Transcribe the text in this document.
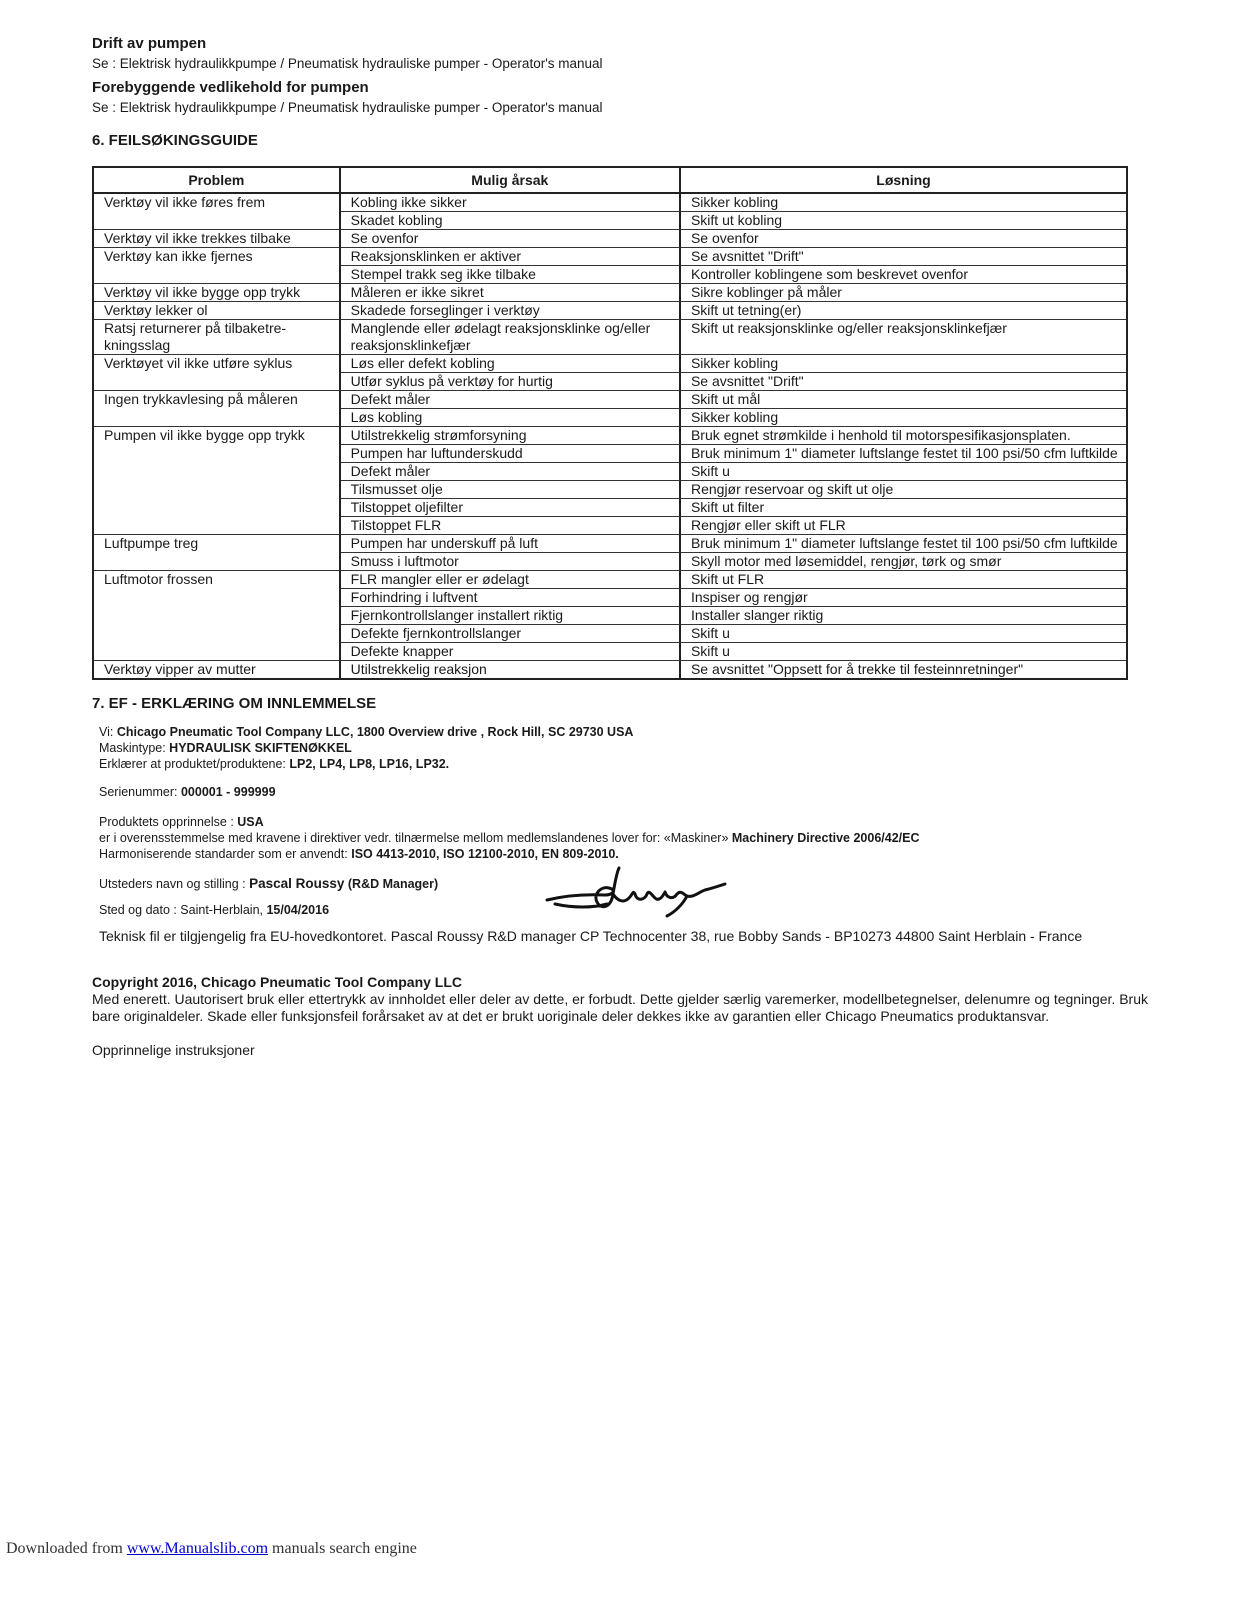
Drift av pumpen

Se : Elektrisk hydraulikkpumpe / Pneumatisk hydrauliske pumper - Operator's manual

Forebyggende vedlikehold for pumpen

Se : Elektrisk hydraulikkpumpe / Pneumatisk hydrauliske pumper - Operator's manual

6. FEILSØKINGSGUIDE

Problem	Mulig årsak	Løsning
Verktøy vil ikke føres frem	Kobling ikke sikker	Sikker kobling
	Skadet kobling	Skift ut kobling
Verktøy vil ikke trekkes tilbake	Se ovenfor	Se ovenfor
Verktøy kan ikke fjernes	Reaksjonsklinken er aktiver	Se avsnittet "Drift"
	Stempel trakk seg ikke tilbake	Kontroller koblingene som beskrevet ovenfor
Verktøy vil ikke bygge opp trykk	Måleren er ikke sikret	Sikre koblinger på måler
Verktøy lekker ol	Skadede forseglinger i verktøy	Skift ut tetning(er)
Ratsj returnerer på tilbaketre-kningsslag	Manglende eller ødelagt reaksjonsklinke og/eller reaksjonsklinkefjær	Skift ut reaksjonsklinke og/eller reaksjonsklinkefjær
Verktøyet vil ikke utføre syklus	Løs eller defekt kobling	Sikker kobling
	Utfør syklus på verktøy for hurtig	Se avsnittet "Drift"
Ingen trykkavlesing på måleren	Defekt måler	Skift ut mål
	Løs kobling	Sikker kobling
Pumpen vil ikke bygge opp trykk	Utilstrekkelig strømforsyning	Bruk egnet strømkilde i henhold til motorspesifikasjonsplaten.
	Pumpen har luftunderskudd	Bruk minimum 1" diameter luftslange festet til 100 psi/50 cfm luftkilde
	Defekt måler	Skift u
	Tilsmusset olje	Rengjør reservoar og skift ut olje
	Tilstoppet oljefilter	Skift ut filter
	Tilstoppet FLR	Rengjør eller skift ut FLR
Luftpumpe treg	Pumpen har underskuff på luft	Bruk minimum 1" diameter luftslange festet til 100 psi/50 cfm luftkilde
	Smuss i luftmotor	Skyll motor med løsemiddel, rengjør, tørk og smør
Luftmotor frossen	FLR mangler eller er ødelagt	Skift ut FLR
	Forhindring i luftvent	Inspiser og rengjør
	Fjernkontrollslanger installert riktig	Installer slanger riktig
	Defekte fjernkontrollslanger	Skift u
	Defekte knapper	Skift u
Verktøy vipper av mutter	Utilstrekkelig reaksjon	Se avsnittet "Oppsett for å trekke til festeinnretninger"

7. EF - ERKLÆRING OM INNLEMMELSE

Vi: Chicago Pneumatic Tool Company LLC, 1800 Overview drive , Rock Hill, SC 29730 USA

Maskintype: HYDRAULISK SKIFTENØKKEL

Erklærer at produktet/produktene: LP2, LP4, LP8, LP16, LP32.

Serienummer: 000001 - 999999

Produktets opprinnelse : USA

er i overensstemmelse med kravene i direktiver vedr. tilnærmelse mellom medlemslandenes lover for: «Maskiner» Machinery Directive 2006/42/EC

Harmoniserende standarder som er anvendt: ISO 4413-2010, ISO 12100-2010, EN 809-2010.

Utsteders navn og stilling : Pascal Roussy (R&D Manager)

Sted og dato : Saint-Herblain, 15/04/2016

Teknisk fil er tilgjengelig fra EU-hovedkontoret. Pascal Roussy R&D manager CP Technocenter 38, rue Bobby Sands - BP10273 44800 Saint Herblain - France

Copyright 2016, Chicago Pneumatic Tool Company LLC
Med enerett. Uautorisert bruk eller ettertrykk av innholdet eller deler av dette, er forbudt. Dette gjelder særlig varemerker, modellbetegnelser, delenumre og tegninger. Bruk bare originaldeler. Skade eller funksjonsfeil forårsaket av at det er brukt uoriginale deler dekkes ikke av garantien eller Chicago Pneumatics produktansvar.
Opprinnelige instruksjoner
Downloaded from www.Manualslib.com manuals search engine
